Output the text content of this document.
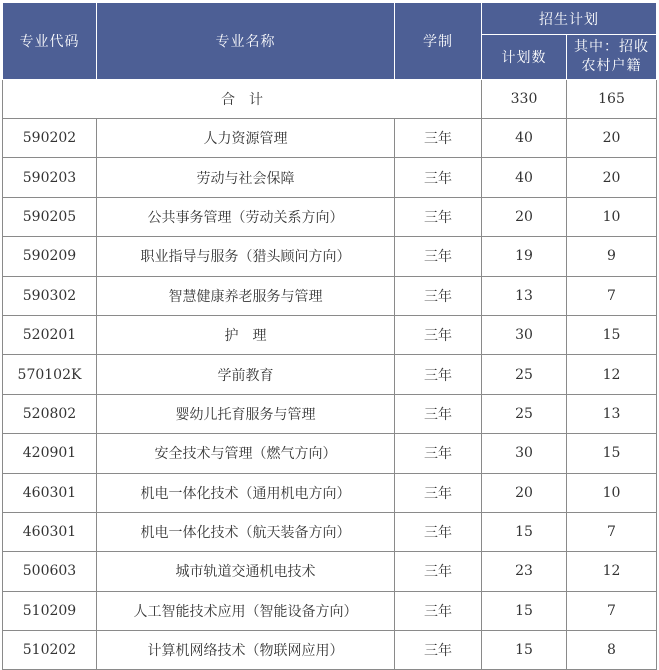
专业代码	专业名称	学制	招生计划	
			计划数	其中：招收农村户籍
合　计			330	165
590202	人力资源管理	三年	40	20
590203	劳动与社会保障	三年	40	20
590205	公共事务管理（劳动关系方向）	三年	20	10
590209	职业指导与服务（猎头顾问方向）	三年	19	9
590302	智慧健康养老服务与管理	三年	13	7
520201	护　理	三年	30	15
570102K	学前教育	三年	25	12
520802	婴幼儿托育服务与管理	三年	25	13
420901	安全技术与管理（燃气方向）	三年	30	15
460301	机电一体化技术（通用机电方向）	三年	20	10
460301	机电一体化技术（航天装备方向）	三年	15	7
500603	城市轨道交通机电技术	三年	23	12
510209	人工智能技术应用（智能设备方向）	三年	15	7
510202	计算机网络技术（物联网应用）	三年	15	8
